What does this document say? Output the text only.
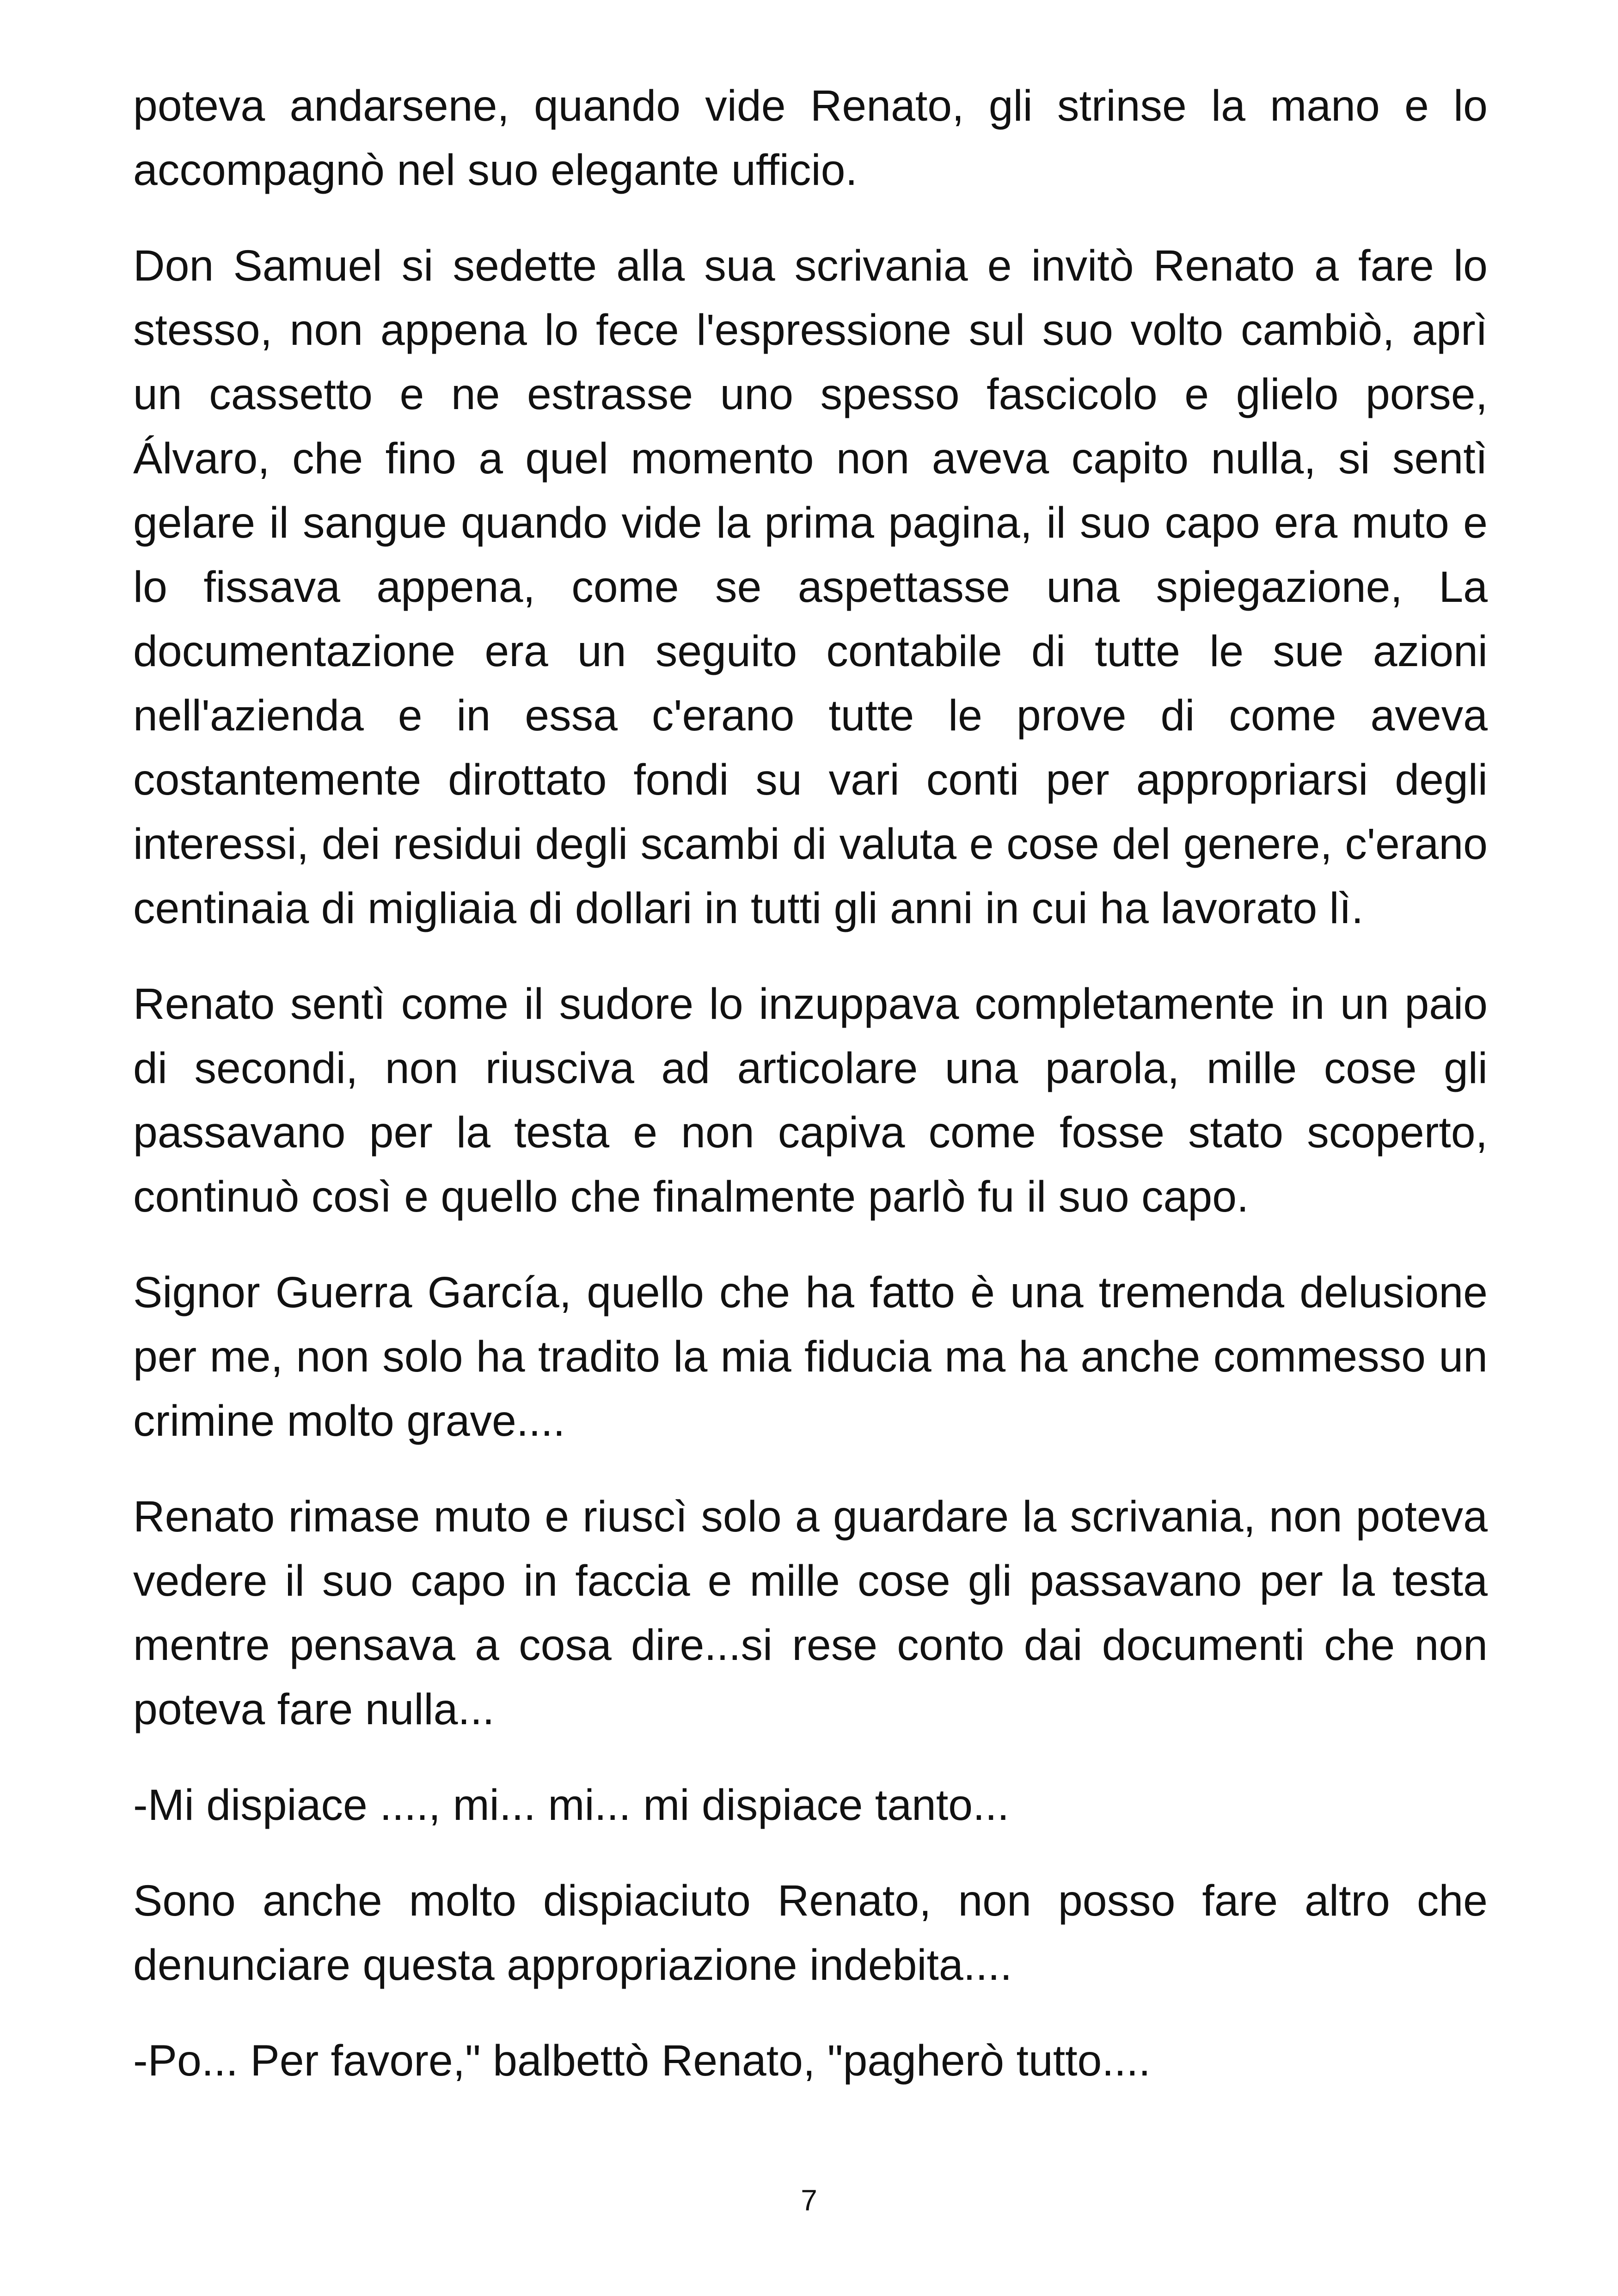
poteva andarsene, quando vide Renato, gli strinse la mano e lo accompagnò nel suo elegante ufficio.

Don Samuel si sedette alla sua scrivania e invitò Renato a fare lo stesso, non appena lo fece l'espressione sul suo volto cambiò, aprì un cassetto e ne estrasse uno spesso fascicolo e glielo porse, Álvaro, che fino a quel momento non aveva capito nulla, si sentì gelare il sangue quando vide la prima pagina, il suo capo era muto e lo fissava appena, come se aspettasse una spiegazione, La documentazione era un seguito contabile di tutte le sue azioni nell'azienda e in essa c'erano tutte le prove di come aveva costantemente dirottato fondi su vari conti per appropriarsi degli interessi, dei residui degli scambi di valuta e cose del genere, c'erano centinaia di migliaia di dollari in tutti gli anni in cui ha lavorato lì.

Renato sentì come il sudore lo inzuppava completamente in un paio di secondi, non riusciva ad articolare una parola, mille cose gli passavano per la testa e non capiva come fosse stato scoperto, continuò così e quello che finalmente parlò fu il suo capo.

Signor Guerra García, quello che ha fatto è una tremenda delusione per me, non solo ha tradito la mia fiducia ma ha anche commesso un crimine molto grave....

Renato rimase muto e riuscì solo a guardare la scrivania, non poteva vedere il suo capo in faccia e mille cose gli passavano per la testa mentre pensava a cosa dire...si rese conto dai documenti che non poteva fare nulla...

-Mi dispiace ...., mi... mi... mi dispiace tanto...

Sono anche molto dispiaciuto Renato, non posso fare altro che denunciare questa appropriazione indebita....

-Po... Per favore," balbettò Renato, "pagherò tutto....

7
